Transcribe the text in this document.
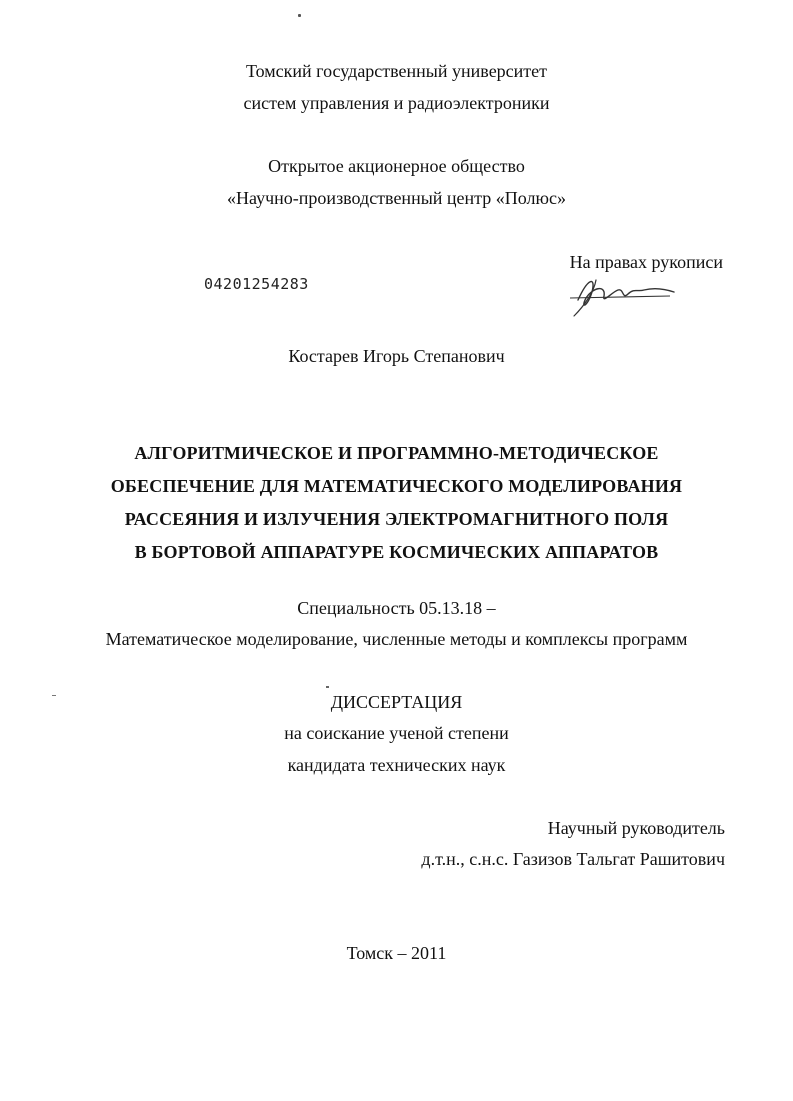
Томский государственный университет
систем управления и радиоэлектроники
Открытое акционерное общество
«Научно-производственный центр «Полюс»
На правах рукописи
04201254283
Костарев Игорь Степанович
АЛГОРИТМИЧЕСКОЕ И ПРОГРАММНО-МЕТОДИЧЕСКОЕ
ОБЕСПЕЧЕНИЕ ДЛЯ МАТЕМАТИЧЕСКОГО МОДЕЛИРОВАНИЯ
РАССЕЯНИЯ И ИЗЛУЧЕНИЯ ЭЛЕКТРОМАГНИТНОГО ПОЛЯ
В БОРТОВОЙ АППАРАТУРЕ КОСМИЧЕСКИХ АППАРАТОВ
Специальность 05.13.18 –
Математическое моделирование, численные методы и комплексы программ
ДИССЕРТАЦИЯ
на соискание ученой степени
кандидата технических наук
Научный руководитель
д.т.н., с.н.с. Газизов Тальгат Рашитович
Томск – 2011
